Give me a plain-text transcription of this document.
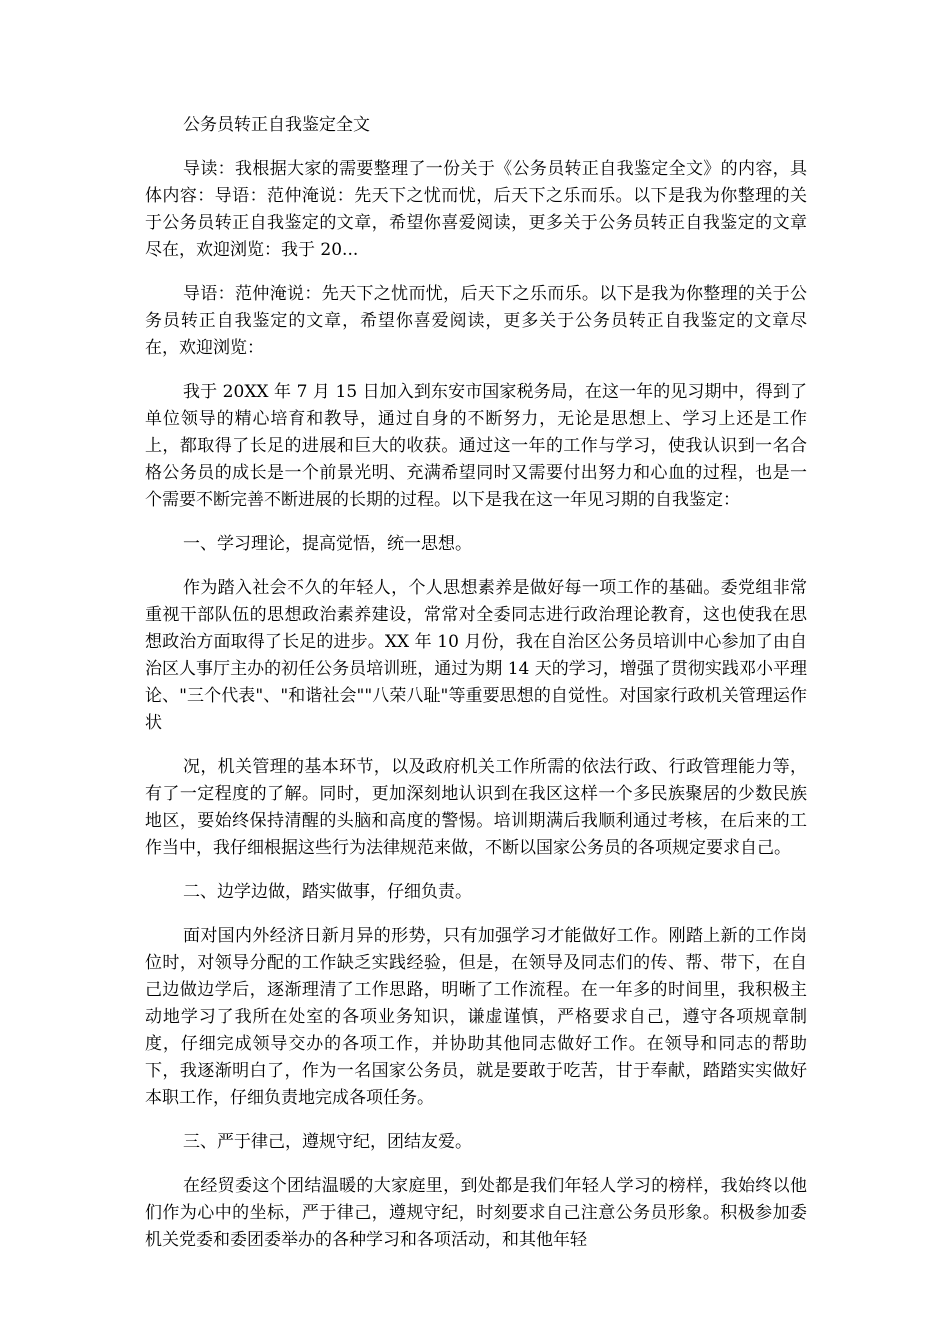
公务员转正自我鉴定全文

导读：我根据大家的需要整理了一份关于《公务员转正自我鉴定全文》的内容，具体内容：导语：范仲淹说：先天下之忧而忧，后天下之乐而乐。以下是我为你整理的关于公务员转正自我鉴定的文章，希望你喜爱阅读，更多关于公务员转正自我鉴定的文章尽在，欢迎浏览：我于 20...

导语：范仲淹说：先天下之忧而忧，后天下之乐而乐。以下是我为你整理的关于公务员转正自我鉴定的文章，希望你喜爱阅读，更多关于公务员转正自我鉴定的文章尽在，欢迎浏览：

我于 20XX 年 7 月 15 日加入到东安市国家税务局，在这一年的见习期中，得到了单位领导的精心培育和教导，通过自身的不断努力，无论是思想上、学习上还是工作上，都取得了长足的进展和巨大的收获。通过这一年的工作与学习，使我认识到一名合格公务员的成长是一个前景光明、充满希望同时又需要付出努力和心血的过程，也是一个需要不断完善不断进展的长期的过程。以下是我在这一年见习期的自我鉴定：

一、学习理论，提高觉悟，统一思想。

作为踏入社会不久的年轻人，个人思想素养是做好每一项工作的基础。委党组非常重视干部队伍的思想政治素养建设，常常对全委同志进行政治理论教育，这也使我在思想政治方面取得了长足的进步。XX 年 10 月份，我在自治区公务员培训中心参加了由自治区人事厅主办的初任公务员培训班，通过为期 14 天的学习，增强了贯彻实践邓小平理论、"三个代表"、"和谐社会""八荣八耻"等重要思想的自觉性。对国家行政机关管理运作状

况，机关管理的基本环节，以及政府机关工作所需的依法行政、行政管理能力等，有了一定程度的了解。同时，更加深刻地认识到在我区这样一个多民族聚居的少数民族地区，要始终保持清醒的头脑和高度的警惕。培训期满后我顺利通过考核，在后来的工作当中，我仔细根据这些行为法律规范来做，不断以国家公务员的各项规定要求自己。

二、边学边做，踏实做事，仔细负责。

面对国内外经济日新月异的形势，只有加强学习才能做好工作。刚踏上新的工作岗位时，对领导分配的工作缺乏实践经验，但是，在领导及同志们的传、帮、带下，在自己边做边学后，逐渐理清了工作思路，明晰了工作流程。在一年多的时间里，我积极主动地学习了我所在处室的各项业务知识，谦虚谨慎，严格要求自己，遵守各项规章制度，仔细完成领导交办的各项工作，并协助其他同志做好工作。在领导和同志的帮助下，我逐渐明白了，作为一名国家公务员，就是要敢于吃苦，甘于奉献，踏踏实实做好本职工作，仔细负责地完成各项任务。

三、严于律己，遵规守纪，团结友爱。

在经贸委这个团结温暖的大家庭里，到处都是我们年轻人学习的榜样，我始终以他们作为心中的坐标，严于律己，遵规守纪，时刻要求自己注意公务员形象。积极参加委机关党委和委团委举办的各种学习和各项活动，和其他年轻
